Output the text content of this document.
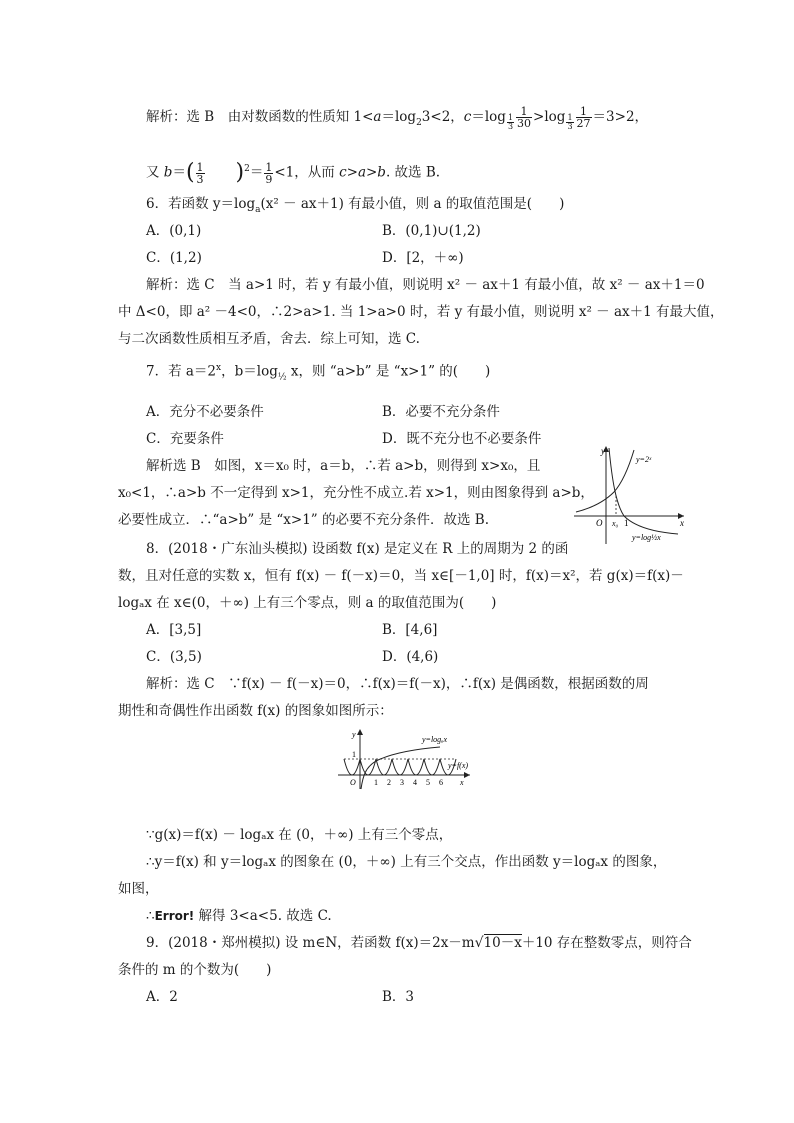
解析：选 B　由对数函数的性质知 $1<a=\log_23<2$，$c=\log \frac{1}{3} \frac{1}{30} >\log \frac{1}{3} \frac{1}{27} =3>2$，
又 $b=( \frac{1}{3} )^2= \frac{1}{9} <1$，从而 c>a>b. 故选 B.
6．若函数 $y=\log_a(x^2 - ax+1)$ 有最小值，则 a 的取值范围是(　　)
A．(0,1)	B．(0,1)∪(1,2)
C．(1,2)	D．[2，＋∞)
解析：选 C　当 a>1 时，若 y 有最小值，则说明 x² － ax＋1 有最小值，故 x² － ax＋1＝0
中 Δ<0，即 a² －4<0，∴2>a>1. 当 1>a>0 时，若 y 有最小值，则说明 x² － ax＋1 有最大值，
与二次函数性质相互矛盾，舍去．综上可知，选 C.
7．若 $a=2^x$，$b=\log_{\frac{1}{2}}$ x，则 “a>b” 是 “x>1” 的(　　)
A．充分不必要条件	B．必要不充分条件
C．充要条件	D．既不充分也不必要条件
解析选 B　如图，x＝x₀ 时，a＝b，∴若 a>b，则得到 x>x₀，且
x₀<1，∴a>b 不一定得到 x>1，充分性不成立.若 x>1，则由图象得到 a>b，
必要性成立．∴“a>b” 是 “x>1” 的必要不充分条件．故选 B.
y
x
O x₀ 1
y=2ˣ
y=log½x
8．(2018・广东汕头模拟) 设函数 f(x) 是定义在 R 上的周期为 2 的函
数，且对任意的实数 x，恒有 f(x) － f(－x)＝0，当 x∈[－1,0] 时，f(x)＝x²，若 g(x)＝f(x)－
logₐx 在 x∈(0，＋∞) 上有三个零点，则 a 的取值范围为(　　)
A．[3,5]	B．[4,6]
C．(3,5)	D．(4,6)
解析：选 C　∵f(x) － f(－x)＝0，∴f(x)＝f(－x)，∴f(x) 是偶函数，根据函数的周
期性和奇偶性作出函数 f(x) 的图象如图所示：
y
x
O
1
1 2 3 4 5 6
y=logₐx
y=f(x)
∵g(x)＝f(x) － logₐx 在 (0，＋∞) 上有三个零点，
∴y＝f(x) 和 y＝logₐx 的图象在 (0，＋∞) 上有三个交点，作出函数 y＝logₐx 的图象，
如图，
∴Error! 解得 3<a<5. 故选 C.
9．(2018・郑州模拟) 设 m∈N，若函数 f(x)＝2x－m√10－x＋10 存在整数零点，则符合
条件的 m 的个数为(　　)
A．2	B．3
